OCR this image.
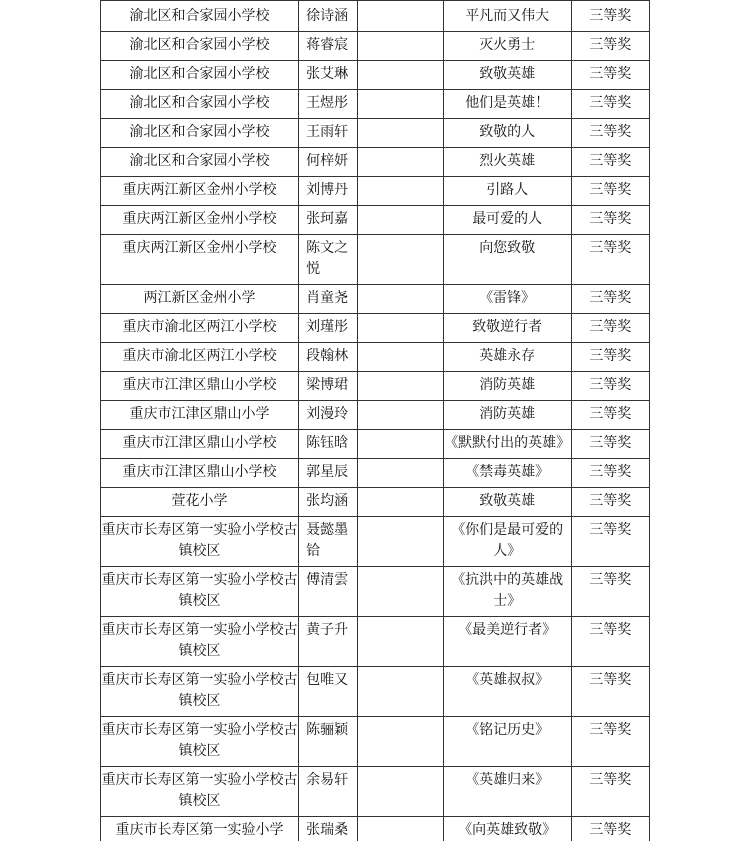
渝北区和合家园小学校	徐诗涵		平凡而又伟大	三等奖
渝北区和合家园小学校	蒋睿宸		灭火勇士	三等奖
渝北区和合家园小学校	张艾琳		致敬英雄	三等奖
渝北区和合家园小学校	王煜彤		他们是英雄！	三等奖
渝北区和合家园小学校	王雨轩		致敬的人	三等奖
渝北区和合家园小学校	何梓妍		烈火英雄	三等奖
重庆两江新区金州小学校	刘博丹		引路人	三等奖
重庆两江新区金州小学校	张珂嘉		最可爱的人	三等奖
重庆两江新区金州小学校	陈文之悦		向您致敬	三等奖
两江新区金州小学	肖童尧		《雷锋》	三等奖
重庆市渝北区两江小学校	刘瑾彤		致敬逆行者	三等奖
重庆市渝北区两江小学校	段翰林		英雄永存	三等奖
重庆市江津区鼎山小学校	梁博珺		消防英雄	三等奖
重庆市江津区鼎山小学	刘漫玲		消防英雄	三等奖
重庆市江津区鼎山小学校	陈钰晗		《默默付出的英雄》	三等奖
重庆市江津区鼎山小学校	郭星辰		《禁毒英雄》	三等奖
萱花小学	张均涵		致敬英雄	三等奖
重庆市长寿区第一实验小学校古镇校区	聂懿墨铪		《你们是最可爱的人》	三等奖
重庆市长寿区第一实验小学校古镇校区	傅清雲		《抗洪中的英雄战士》	三等奖
重庆市长寿区第一实验小学校古镇校区	黄子升		《最美逆行者》	三等奖
重庆市长寿区第一实验小学校古镇校区	包唯又		《英雄叔叔》	三等奖
重庆市长寿区第一实验小学校古镇校区	陈骊颖		《铭记历史》	三等奖
重庆市长寿区第一实验小学校古镇校区	余易轩		《英雄归来》	三等奖
重庆市长寿区第一实验小学	张瑞桑		《向英雄致敬》	三等奖
